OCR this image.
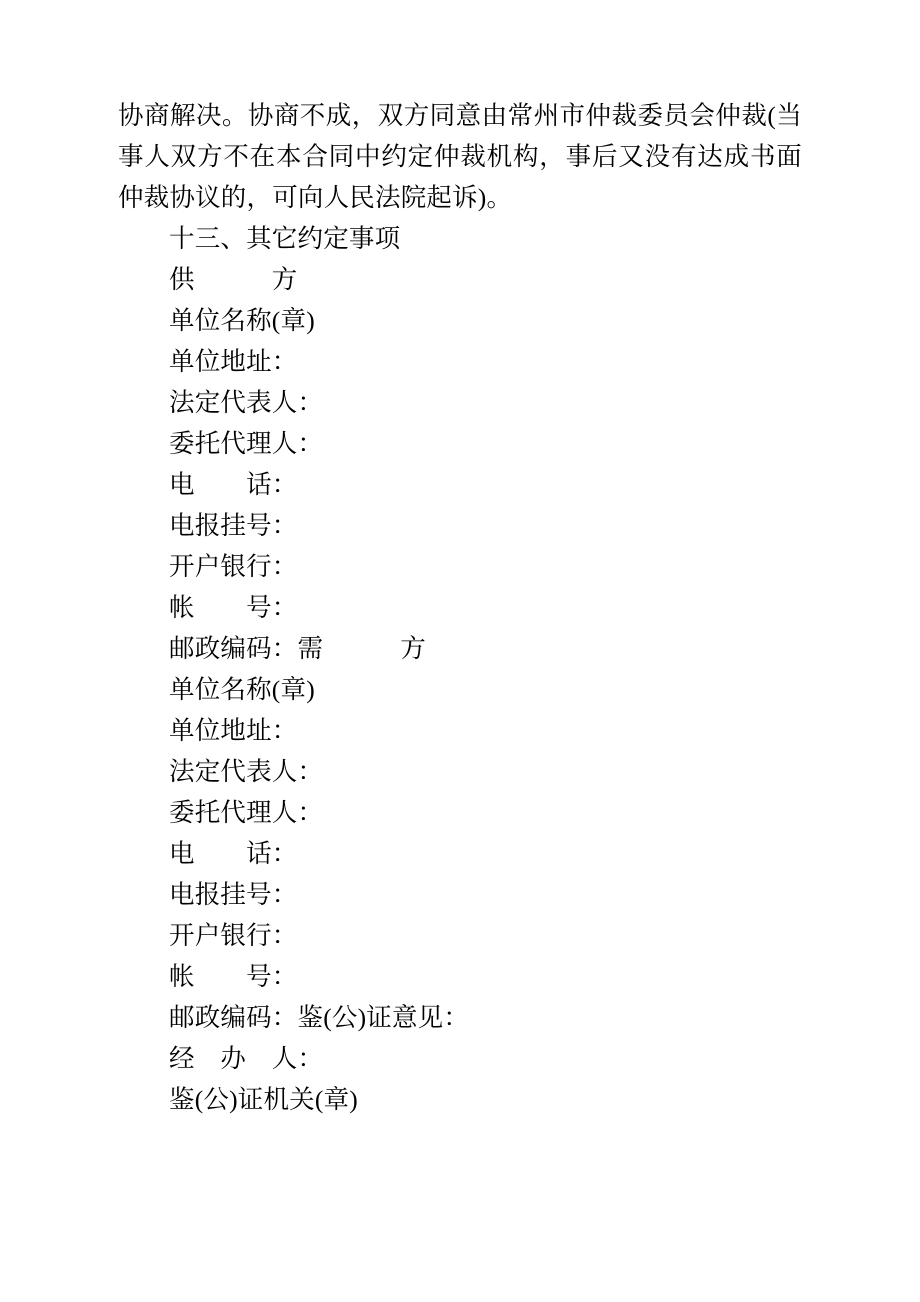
协商解决。协商不成，双方同意由常州市仲裁委员会仲裁(当事人双方不在本合同中约定仲裁机构，事后又没有达成书面仲裁协议的，可向人民法院起诉)。

十三、其它约定事项

供　　　方

单位名称(章)

单位地址：

法定代表人：

委托代理人：

电　　话：

电报挂号：

开户银行：

帐　　号：

邮政编码：需　　　方

单位名称(章)

单位地址：

法定代表人：

委托代理人：

电　　话：

电报挂号：

开户银行：

帐　　号：

邮政编码：鉴(公)证意见：

经　办　人：

鉴(公)证机关(章)
